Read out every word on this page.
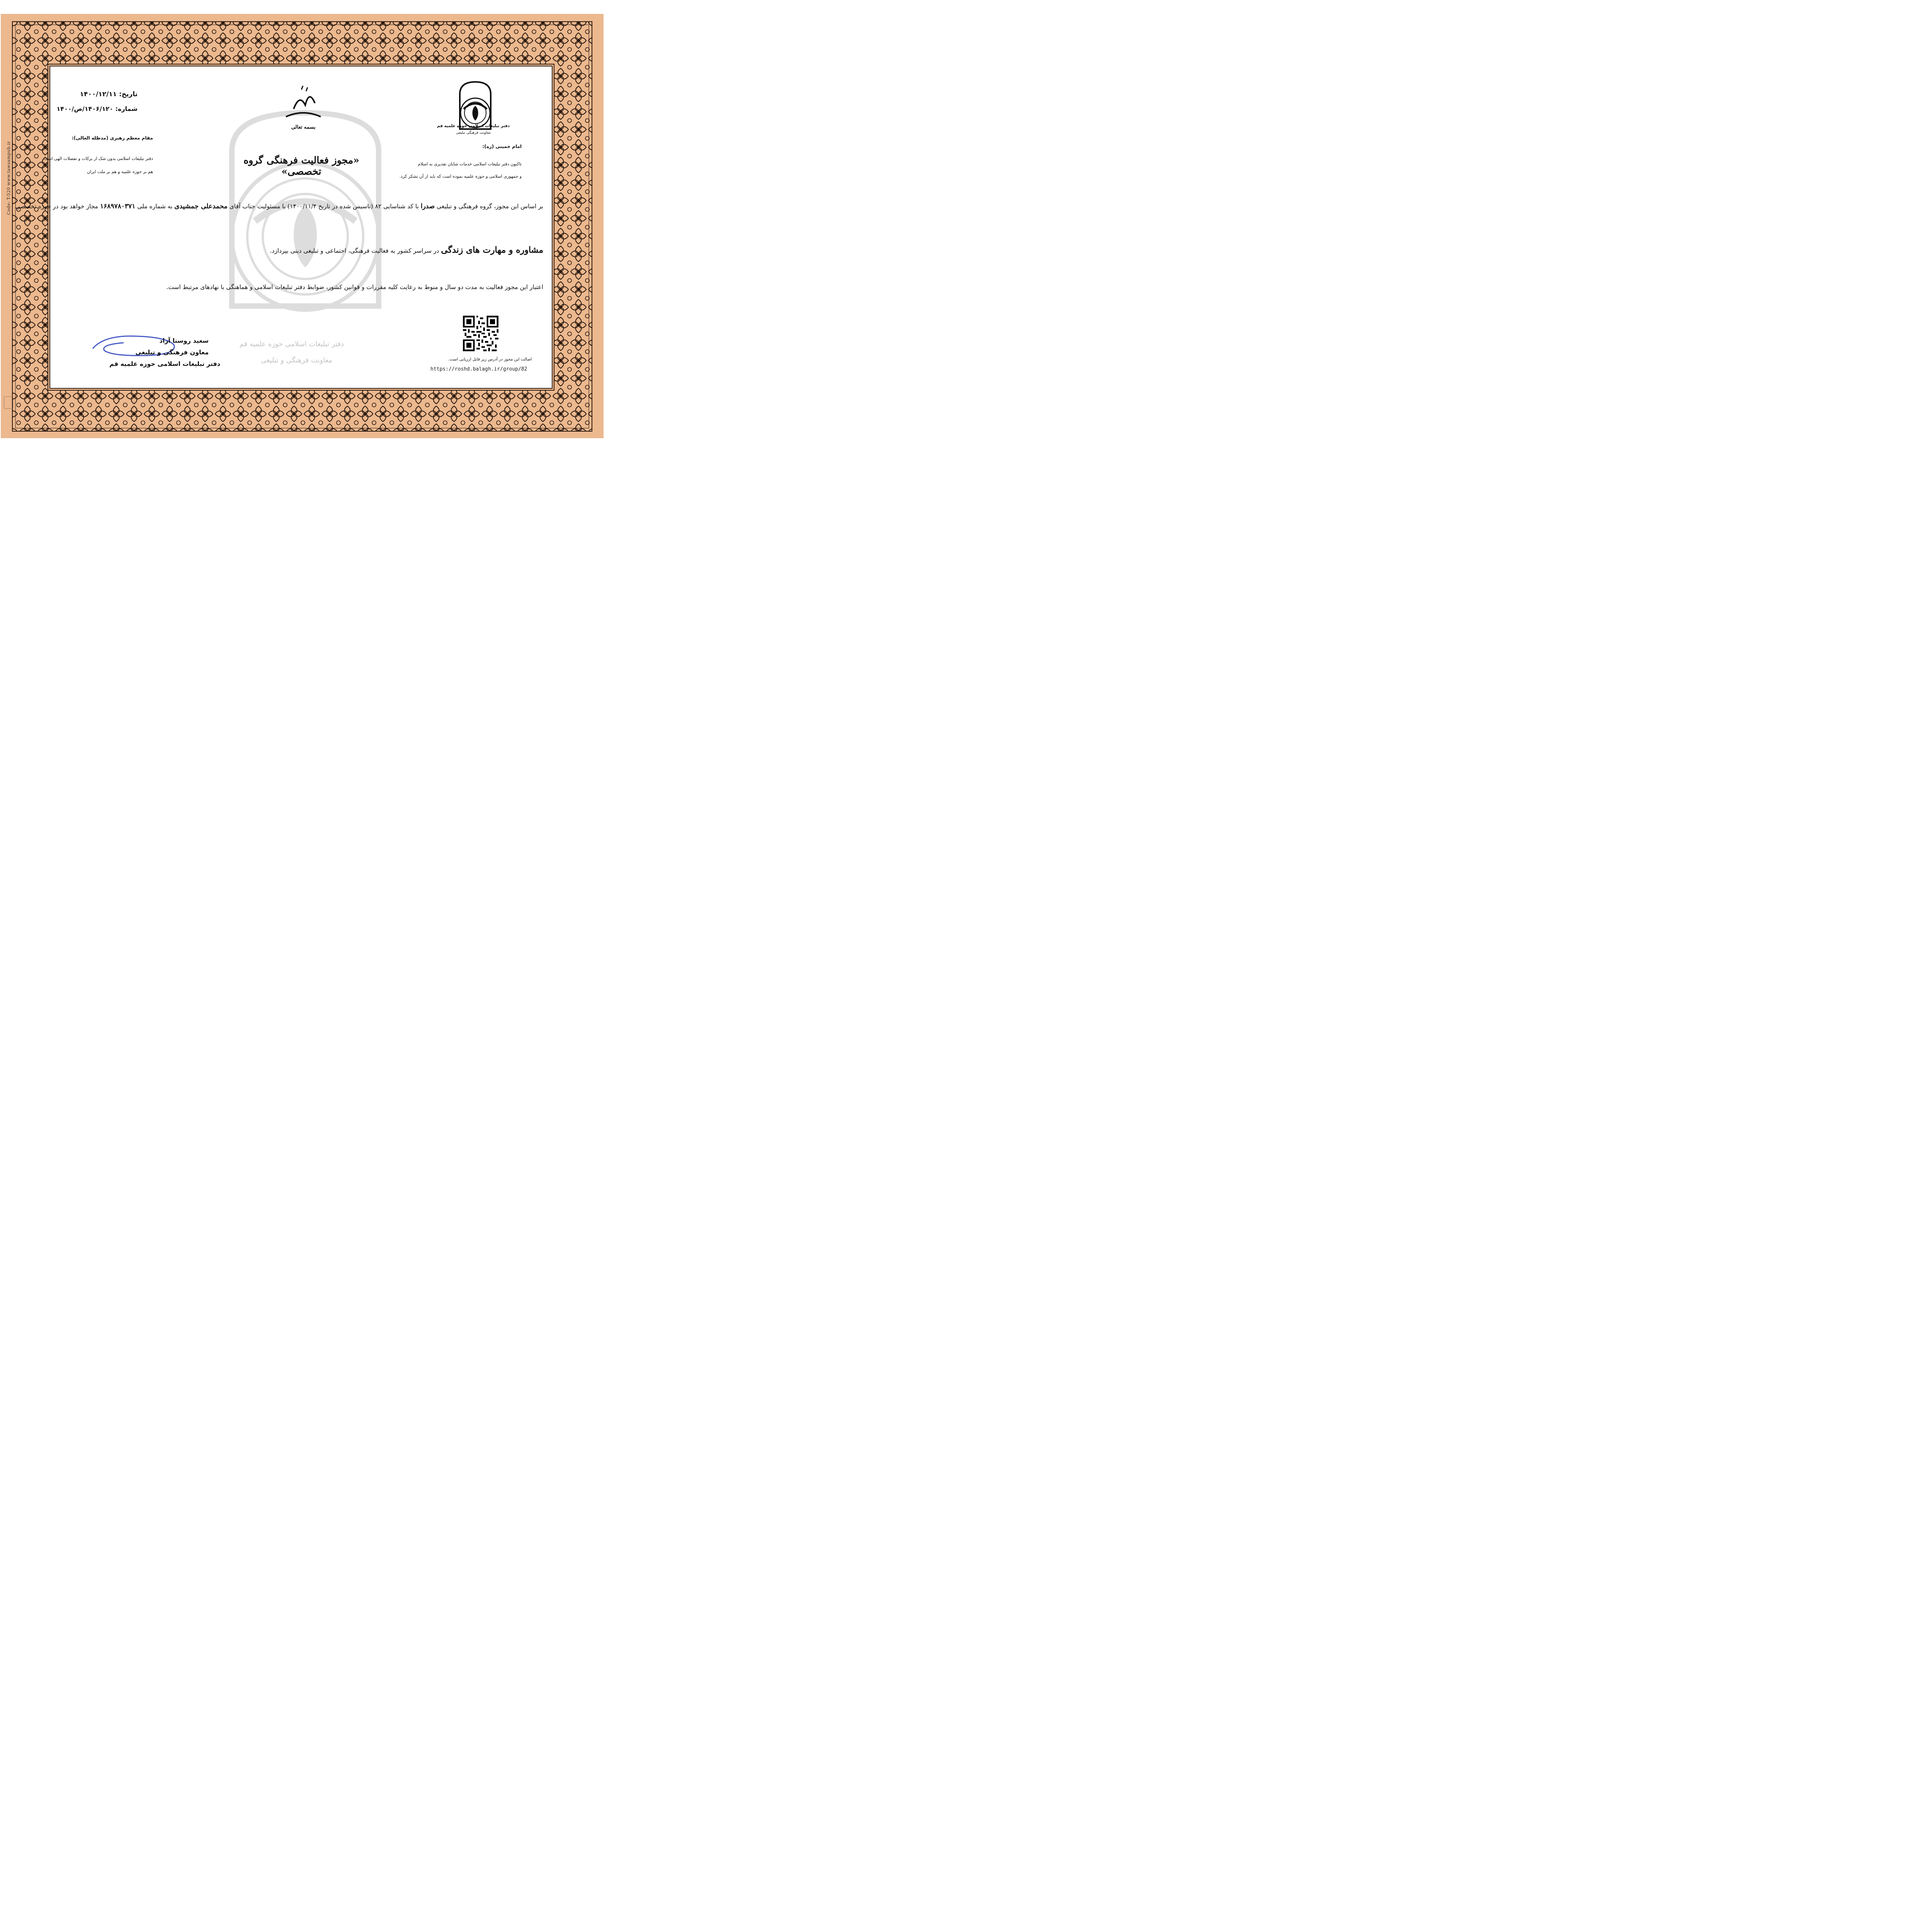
Code: T-520 www.tawsampub.ir
بسمه تعالی
تاریخ: ۱۴۰۰/۱۲/۱۱
شماره: ۱۴۰۶/۱۲۰/ص/۱۴۰۰
دفتر تبلیغات اسلامی حوزه علمیه قم
معاونت فرهنگی تبلیغی
امام خمینی (ره):
تاکنون دفتر تبلیغات اسلامی خدمات شایان تقدیری به اسلام
و جمهوری اسلامی و حوزه علمیه نموده است که باید از آن تشکر کرد.
مقام معظم رهبری (مدظله العالی):
دفتر تبلیغات اسلامی بدون شک از برکات و تفضلات الهی است
هم بر حوزه علمیه و هم بر ملت ایران
«مجوز فعالیت فرهنگی گروه تخصصی»
بر اساس این مجوز، گروه فرهنگی و تبلیغی صدرا با کد شناسایی ۸۲ (تاسیس شده در تاریخ ۱۴۰۰/۱۱/۴) با مسئولیت جناب آقای محمدعلی جمشیدی به شماره ملی ۱۶۸۹۷۸۰۳۷۱ مجاز خواهد بود در حوزه تخصصی
مشاوره و مهارت های زندگی در سراسر کشور به فعالیت فرهنگی، اجتماعی و تبلیغی دینی بپردازد.
اعتبار این مجوز فعالیت به مدت دو سال و منوط به رعایت کلیه مقررات و قوانین کشور، ضوابط دفتر تبلیغات اسلامی و هماهنگی با نهادهای مرتبط است.
سعید روستا آزاد
معاون فرهنگی و تبلیغی
دفتر تبلیغات اسلامی حوزه علمیه قم
دفتر تبلیغات اسلامی حوزه علمیه قم
معاونت فرهنگی و تبلیغی	اصالت این مجوز در آدرس زیر قابل ارزیابی است.
https://roshd.balagh.ir/group/82
